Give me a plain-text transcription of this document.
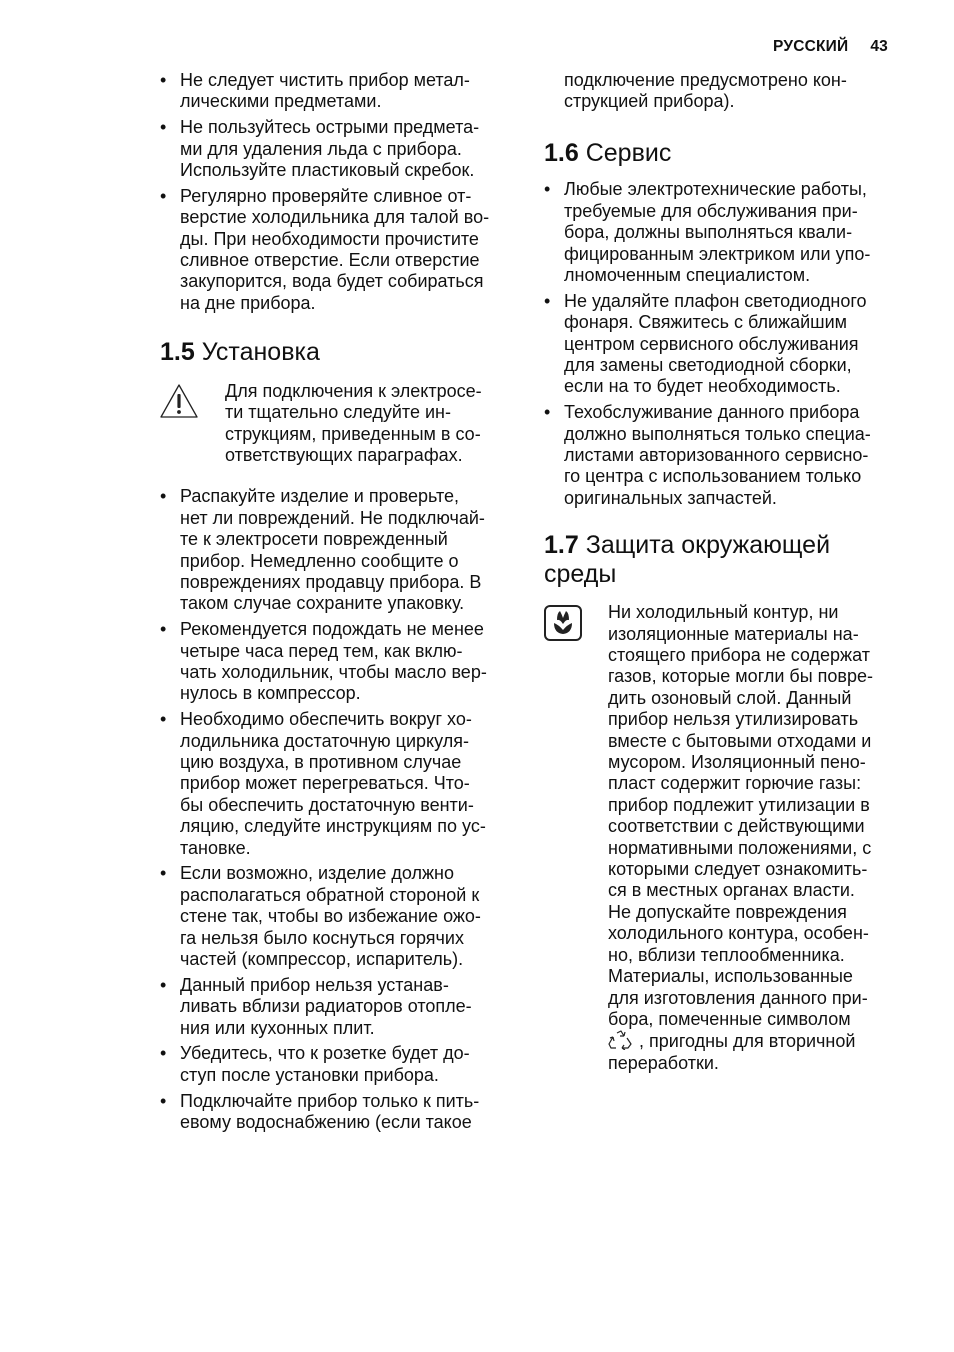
РУССКИЙ 43
• Не следует чистить прибор метал-
лическими предметами.
• Не пользуйтесь острыми предмета-
ми для удаления льда с прибора.
Используйте пластиковый скребок.
• Регулярно проверяйте сливное от-
верстие холодильника для талой во-
ды. При необходимости прочистите
сливное отверстие. Если отверстие
закупорится, вода будет собираться
на дне прибора.
1.5 Установка
Для подключения к электросе-
ти тщательно следуйте ин-
струкциям, приведенным в со-
ответствующих параграфах.
• Распакуйте изделие и проверьте,
нет ли повреждений. Не подключай-
те к электросети поврежденный
прибор. Немедленно сообщите о
повреждениях продавцу прибора. В
таком случае сохраните упаковку.
• Рекомендуется подождать не менее
четыре часа перед тем, как вклю-
чать холодильник, чтобы масло вер-
нулось в компрессор.
• Необходимо обеспечить вокруг хо-
лодильника достаточную циркуля-
цию воздуха, в противном случае
прибор может перегреваться. Что-
бы обеспечить достаточную венти-
ляцию, следуйте инструкциям по ус-
тановке.
• Если возможно, изделие должно
располагаться обратной стороной к
стене так, чтобы во избежание ожо-
га нельзя было коснуться горячих
частей (компрессор, испаритель).
• Данный прибор нельзя устанав-
ливать вблизи радиаторов отопле-
ния или кухонных плит.
• Убедитесь, что к розетке будет до-
ступ после установки прибора.
• Подключайте прибор только к пить-
евому водоснабжению (если такое
подключение предусмотрено кон-
струкцией прибора).
1.6 Сервис
• Любые электротехнические работы,
требуемые для обслуживания при-
бора, должны выполняться квали-
фицированным электриком или упо-
лномоченным специалистом.
• Не удаляйте плафон светодиодного
фонаря. Свяжитесь с ближайшим
центром сервисного обслуживания
для замены светодиодной сборки,
если на то будет необходимость.
• Техобслуживание данного прибора
должно выполняться только специа-
листами авторизованного сервисно-
го центра с использованием только
оригинальных запчастей.
1.7 Защита окружающей
среды
Ни холодильный контур, ни
изоляционные материалы на-
стоящего прибора не содержат
газов, которые могли бы повре-
дить озоновый слой. Данный
прибор нельзя утилизировать
вместе с бытовыми отходами и
мусором. Изоляционный пено-
пласт содержит горючие газы:
прибор подлежит утилизации в
соответствии с действующими
нормативными положениями, с
которыми следует ознакомить-
ся в местных органах власти.
Не допускайте повреждения
холодильного контура, особен-
но, вблизи теплообменника.
Материалы, использованные
для изготовления данного при-
бора, помеченные символом
, пригодны для вторичной
переработки.
